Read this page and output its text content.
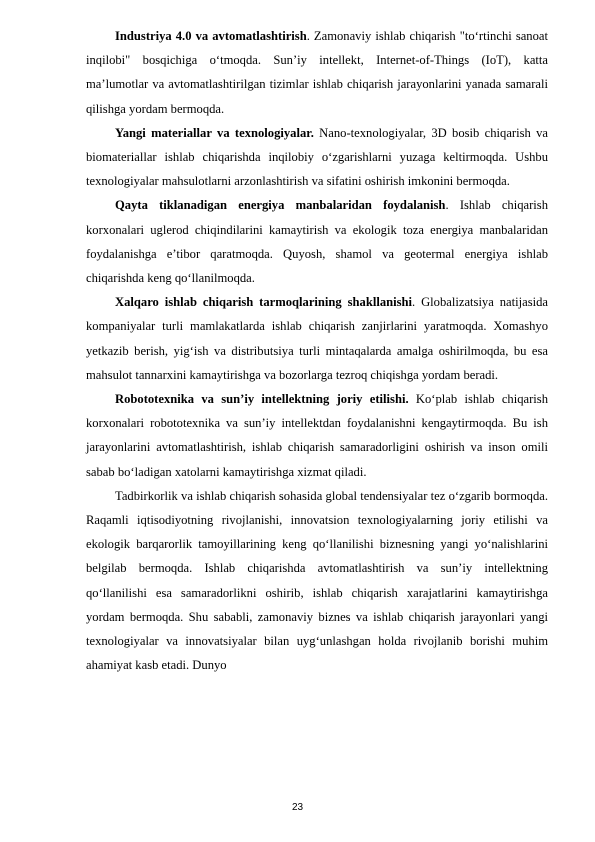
Industriya 4.0 va avtomatlashtirish. Zamonaviy ishlab chiqarish "to‘rtinchi sanoat inqilobi" bosqichiga o‘tmoqda. Sun’iy intellekt, Internet-of-Things (IoT), katta ma’lumotlar va avtomatlashtirilgan tizimlar ishlab chiqarish jarayonlarini yanada samarali qilishga yordam bermoqda.

Yangi materiallar va texnologiyalar. Nano-texnologiyalar, 3D bosib chiqarish va biomateriallar ishlab chiqarishda inqilobiy o‘zgarishlarni yuzaga keltirmoqda. Ushbu texnologiyalar mahsulotlarni arzonlashtirish va sifatini oshirish imkonini bermoqda.

Qayta tiklanadigan energiya manbalaridan foydalanish. Ishlab chiqarish korxonalari uglerod chiqindilarini kamaytirish va ekologik toza energiya manbalaridan foydalanishga e’tibor qaratmoqda. Quyosh, shamol va geotermal energiya ishlab chiqarishda keng qo‘llanilmoqda.

Xalqaro ishlab chiqarish tarmoqlarining shakllanishi. Globalizatsiya natijasida kompaniyalar turli mamlakatlarda ishlab chiqarish zanjirlarini yaratmoqda. Xomashyo yetkazib berish, yig‘ish va distributsiya turli mintaqalarda amalga oshirilmoqda, bu esa mahsulot tannarxini kamaytirishga va bozorlarga tezroq chiqishga yordam beradi.

Robototexnika va sun’iy intellektning joriy etilishi. Ko‘plab ishlab chiqarish korxonalari robototexnika va sun’iy intellektdan foydalanishni kengaytirmoqda. Bu ish jarayonlarini avtomatlashtirish, ishlab chiqarish samaradorligini oshirish va inson omili sabab bo‘ladigan xatolarni kamaytirishga xizmat qiladi.

Tadbirkorlik va ishlab chiqarish sohasida global tendensiyalar tez o‘zgarib bormoqda. Raqamli iqtisodiyotning rivojlanishi, innovatsion texnologiyalarning joriy etilishi va ekologik barqarorlik tamoyillarining keng qo‘llanilishi biznesning yangi yo‘nalishlarini belgilab bermoqda. Ishlab chiqarishda avtomatlashtirish va sun’iy intellektning qo‘llanilishi esa samaradorlikni oshirib, ishlab chiqarish xarajatlarini kamaytirishga yordam bermoqda. Shu sababli, zamonaviy biznes va ishlab chiqarish jarayonlari yangi texnologiyalar va innovatsiyalar bilan uyg‘unlashgan holda rivojlanib borishi muhim ahamiyat kasb etadi. Dunyo

23
